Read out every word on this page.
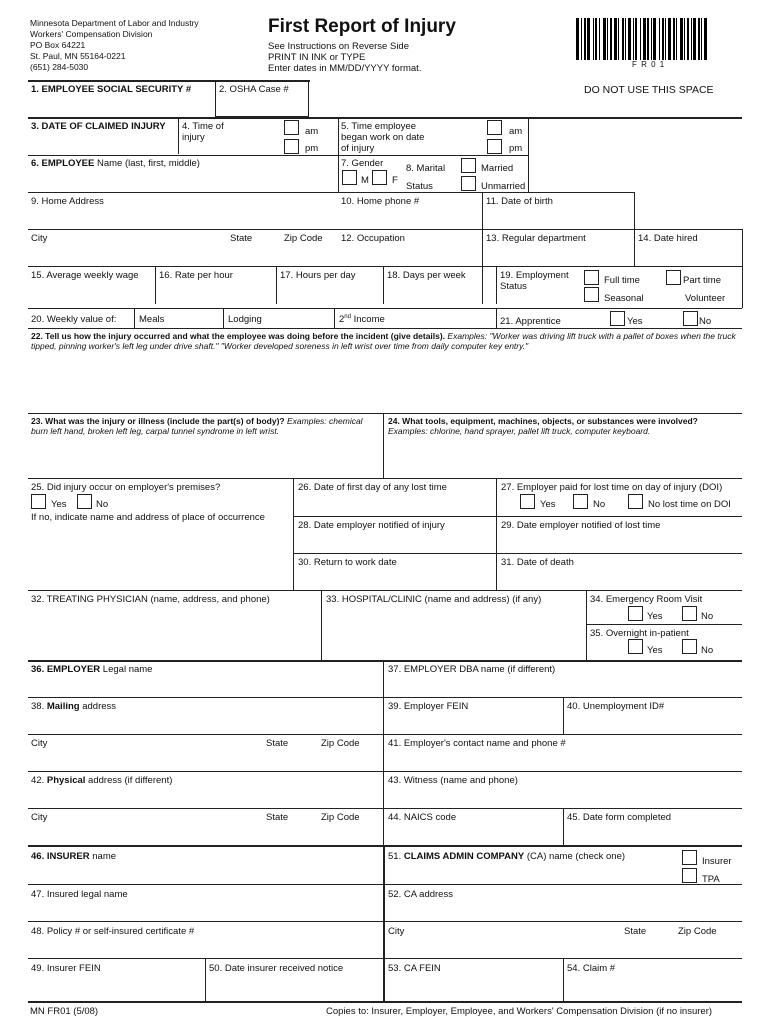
Minnesota Department of Labor and Industry
Workers' Compensation Division
PO Box 64221
St. Paul, MN 55164-0221
(651) 284-5030
First Report of Injury
See Instructions on Reverse Side
PRINT IN INK or TYPE
Enter dates in MM/DD/YYYY format.	F R 0 1
DO NOT USE THIS SPACE
1. EMPLOYEE SOCIAL SECURITY #	2. OSHA Case #
3. DATE OF CLAIMED INJURY 4. Time of
injury
am
pm
5. Time employee
began work on date
of injury
am
pm
6. EMPLOYEE Name (last, first, middle)	7. Gender
M F
8. Marital
Status
Married
Unmarried
9. Home Address	10. Home phone #	11. Date of birth
City	State	Zip Code 12. Occupation	13. Regular department	14. Date hired
15. Average weekly wage 16. Rate per hour	17. Hours per day	18. Days per week	19. Employment
Status
Full time
Seasonal
Part time
Volunteer
20. Weekly value of: Meals	Lodging	2nd Income	21. Apprentice	Yes	No
22. Tell us how the injury occurred and what the employee was doing before the incident (give details). Examples: "Worker was driving lift truck with a pallet of boxes when the truck tipped, pinning worker's left leg under drive shaft." "Worker developed soreness in left wrist over time from daily computer key entry."
23. What was the injury or illness (include the part(s) of body)? Examples: chemical burn left hand, broken left leg, carpal tunnel syndrome in left wrist.
24. What tools, equipment, machines, objects, or substances were involved?
Examples: chlorine, hand sprayer, pallet lift truck, computer keyboard.
25. Did injury occur on employer's premises?
Yes	No
If no, indicate name and address of place of occurrence
26. Date of first day of any lost time	27. Employer paid for lost time on day of injury (DOI)
Yes	No	No lost time on DOI
28. Date employer notified of injury	29. Date employer notified of lost time
30. Return to work date	31. Date of death
32. TREATING PHYSICIAN (name, address, and phone)	33. HOSPITAL/CLINIC (name and address) (if any)	34. Emergency Room Visit
Yes	No
35. Overnight in-patient
Yes	No
36. EMPLOYER Legal name	37. EMPLOYER DBA name (if different)
38. Mailing address	39. Employer FEIN	40. Unemployment ID#
City	State	Zip Code	41. Employer's contact name and phone #
42. Physical address (if different)	43. Witness (name and phone)
City	State	Zip Code	44. NAICS code	45. Date form completed
46. INSURER name	51. CLAIMS ADMIN COMPANY (CA) name (check one)	Insurer
TPA
47. Insured legal name	52. CA address
48. Policy # or self-insured certificate #	City	State	Zip Code
49. Insurer FEIN	50. Date insurer received notice	53. CA FEIN	54. Claim #
MN FR01 (5/08)	Copies to: Insurer, Employer, Employee, and Workers' Compensation Division (if no insurer)
